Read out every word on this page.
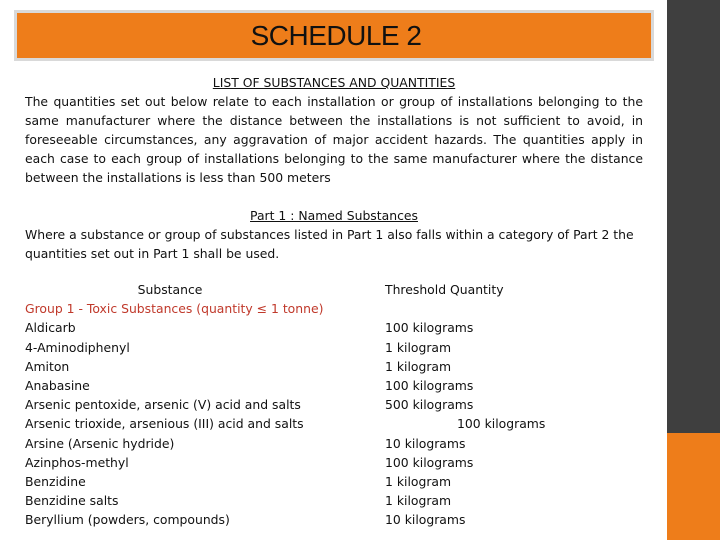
SCHEDULE 2
LIST OF SUBSTANCES AND QUANTITIES
The quantities set out below relate to each installation or group of installations belonging to the same manufacturer where the distance between the installations is not sufficient to avoid, in foreseeable circumstances, any aggravation of major accident hazards. The quantities apply in each case to each group of installations belonging to the same manufacturer where the distance between the installations is less than 500 meters
Part 1 : Named Substances
Where a substance or group of substances listed in Part 1 also falls within a category of Part 2 the quantities set out in Part 1 shall be used.
Substance
Group 1 - Toxic Substances (quantity ≤ 1 tonne)
Aldicarb
4-Aminodiphenyl
Amiton
Anabasine
Arsenic pentoxide, arsenic (V) acid and salts
Arsenic trioxide, arsenious (III) acid and salts
Arsine (Arsenic hydride)
Azinphos-methyl
Benzidine
Benzidine salts
Beryllium (powders, compounds)
Threshold Quantity

100 kilograms
1 kilogram
1 kilogram
100 kilograms
500 kilograms
100 kilograms
10 kilograms
100 kilograms
1 kilogram
1 kilogram
10 kilograms
